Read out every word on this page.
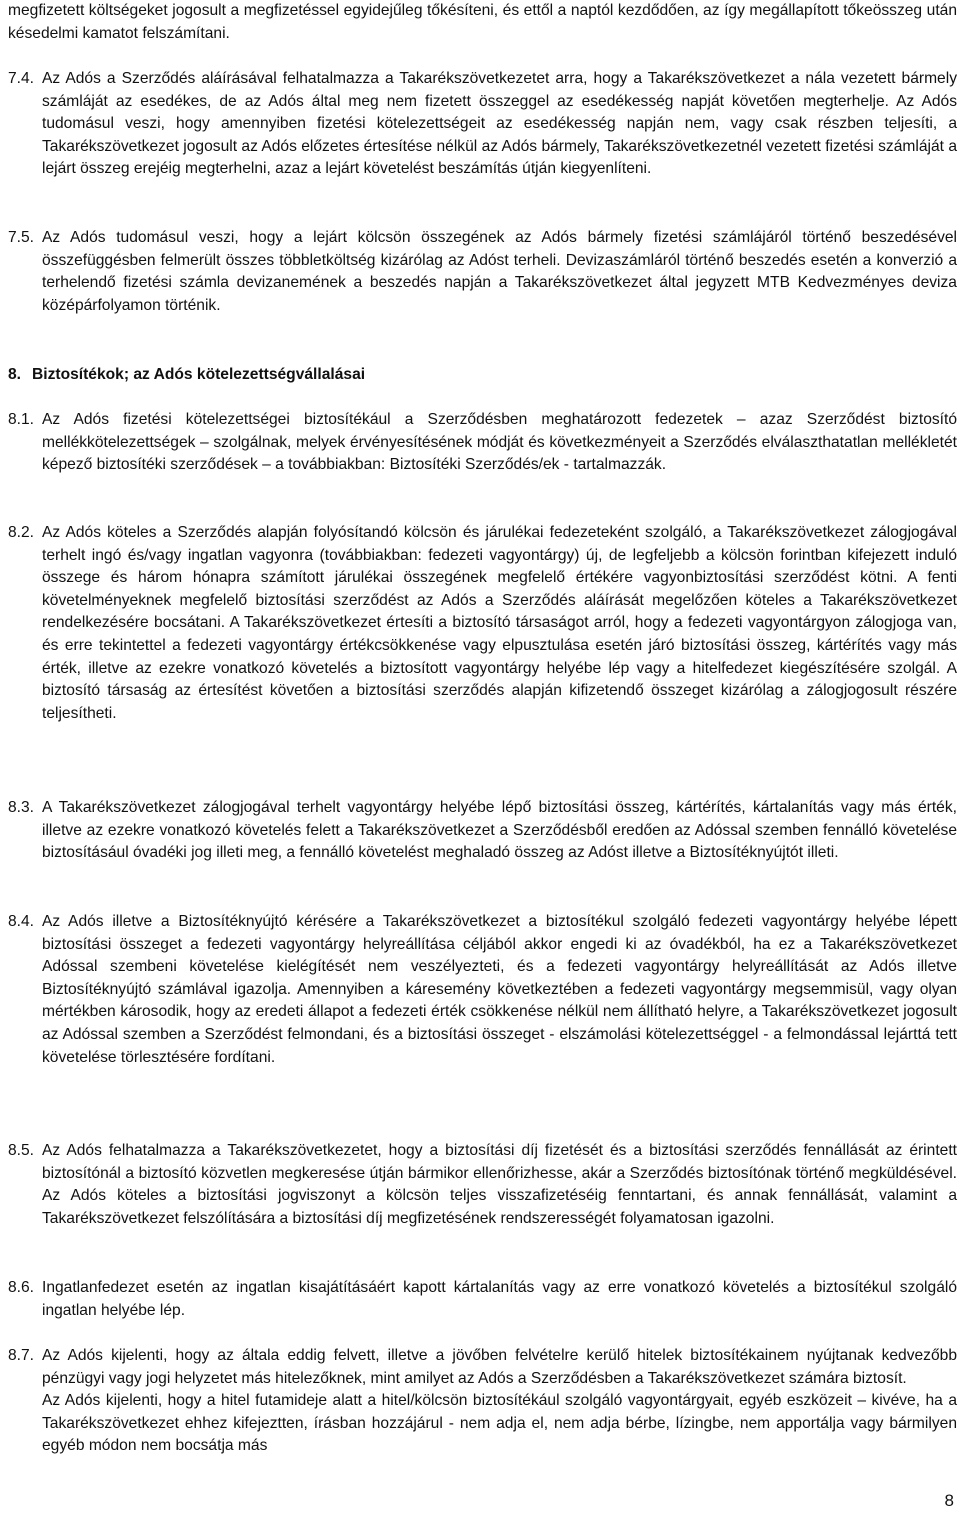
megfizetett költségeket jogosult a megfizetéssel egyidejűleg tőkésíteni, és ettől a naptól kezdődően, az így megállapított tőkeösszeg után késedelmi kamatot felszámítani.

7.4. Az Adós a Szerződés aláírásával felhatalmazza a Takarékszövetkezetet arra, hogy a Takarékszövetkezet a nála vezetett bármely számláját az esedékes, de az Adós által meg nem fizetett összeggel az esedékesség napját követően megterhelje. Az Adós tudomásul veszi, hogy amennyiben fizetési kötelezettségeit az esedékesség napján nem, vagy csak részben teljesíti, a Takarékszövetkezet jogosult az Adós előzetes értesítése nélkül az Adós bármely, Takarékszövetkezetnél vezetett fizetési számláját a lejárt összeg erejéig megterhelni, azaz a lejárt követelést beszámítás útján kiegyenlíteni.
7.5. Az Adós tudomásul veszi, hogy a lejárt kölcsön összegének az Adós bármely fizetési számlájáról történő beszedésével összefüggésben felmerült összes többletköltség kizárólag az Adóst terheli. Devizaszámláról történő beszedés esetén a konverzió a terhelendő fizetési számla devizanemének a beszedés napján a Takarékszövetkezet által jegyzett MTB Kedvezményes deviza középárfolyamon történik.

8. Biztosítékok; az Adós kötelezettségvállalásai

8.1. Az Adós fizetési kötelezettségei biztosítékául a Szerződésben meghatározott fedezetek – azaz Szerződést biztosító mellékkötelezettségek – szolgálnak, melyek érvényesítésének módját és következményeit a Szerződés elválaszthatatlan mellékletét képező biztosítéki szerződések – a továbbiakban: Biztosítéki Szerződés/ek - tartalmazzák.
8.2. Az Adós köteles a Szerződés alapján folyósítandó kölcsön és járulékai fedezeteként szolgáló, a Takarékszövetkezet zálogjogával terhelt ingó és/vagy ingatlan vagyonra (továbbiakban: fedezeti vagyontárgy) új, de legfeljebb a kölcsön forintban kifejezett induló összege és három hónapra számított járulékai összegének megfelelő értékére vagyonbiztosítási szerződést kötni. A fenti követelményeknek megfelelő biztosítási szerződést az Adós a Szerződés aláírását megelőzően köteles a Takarékszövetkezet rendelkezésére bocsátani. A Takarékszövetkezet értesíti a biztosító társaságot arról, hogy a fedezeti vagyontárgyon zálogjoga van, és erre tekintettel a fedezeti vagyontárgy értékcsökkenése vagy elpusztulása esetén járó biztosítási összeg, kártérítés vagy más érték, illetve az ezekre vonatkozó követelés a biztosított vagyontárgy helyébe lép vagy a hitelfedezet kiegészítésére szolgál. A biztosító társaság az értesítést követően a biztosítási szerződés alapján kifizetendő összeget kizárólag a zálogjogosult részére teljesítheti.
8.3. A Takarékszövetkezet zálogjogával terhelt vagyontárgy helyébe lépő biztosítási összeg, kártérítés, kártalanítás vagy más érték, illetve az ezekre vonatkozó követelés felett a Takarékszövetkezet a Szerződésből eredően az Adóssal szemben fennálló követelése biztosításául óvadéki jog illeti meg, a fennálló követelést meghaladó összeg az Adóst illetve a Biztosítéknyújtót illeti.
8.4. Az Adós illetve a Biztosítéknyújtó kérésére a Takarékszövetkezet a biztosítékul szolgáló fedezeti vagyontárgy helyébe lépett biztosítási összeget a fedezeti vagyontárgy helyreállítása céljából akkor engedi ki az óvadékból, ha ez a Takarékszövetkezet Adóssal szembeni követelése kielégítését nem veszélyezteti, és a fedezeti vagyontárgy helyreállítását az Adós illetve Biztosítéknyújtó számlával igazolja. Amennyiben a káresemény következtében a fedezeti vagyontárgy megsemmisül, vagy olyan mértékben károsodik, hogy az eredeti állapot a fedezeti érték csökkenése nélkül nem állítható helyre, a Takarékszövetkezet jogosult az Adóssal szemben a Szerződést felmondani, és a biztosítási összeget - elszámolási kötelezettséggel - a felmondással lejárttá tett követelése törlesztésére fordítani.
8.5. Az Adós felhatalmazza a Takarékszövetkezetet, hogy a biztosítási díj fizetését és a biztosítási szerződés fennállását az érintett biztosítónál a biztosító közvetlen megkeresése útján bármikor ellenőrizhesse, akár a Szerződés biztosítónak történő megküldésével. Az Adós köteles a biztosítási jogviszonyt a kölcsön teljes visszafizetéséig fenntartani, és annak fennállását, valamint a Takarékszövetkezet felszólítására a biztosítási díj megfizetésének rendszerességét folyamatosan igazolni.
8.6. Ingatlanfedezet esetén az ingatlan kisajátításáért kapott kártalanítás vagy az erre vonatkozó követelés a biztosítékul szolgáló ingatlan helyébe lép.
8.7. Az Adós kijelenti, hogy az általa eddig felvett, illetve a jövőben felvételre kerülő hitelek biztosítékainem nyújtanak kedvezőbb pénzügyi vagy jogi helyzetet más hitelezőknek, mint amilyet az Adós a Szerződésben a Takarékszövetkezet számára biztosít.
Az Adós kijelenti, hogy a hitel futamideje alatt a hitel/kölcsön biztosítékául szolgáló vagyontárgyait, egyéb eszközeit – kivéve, ha a Takarékszövetkezet ehhez kifejeztten, írásban hozzájárul - nem adja el, nem adja bérbe, lízingbe, nem apportálja vagy bármilyen egyéb módon nem bocsátja más
8
